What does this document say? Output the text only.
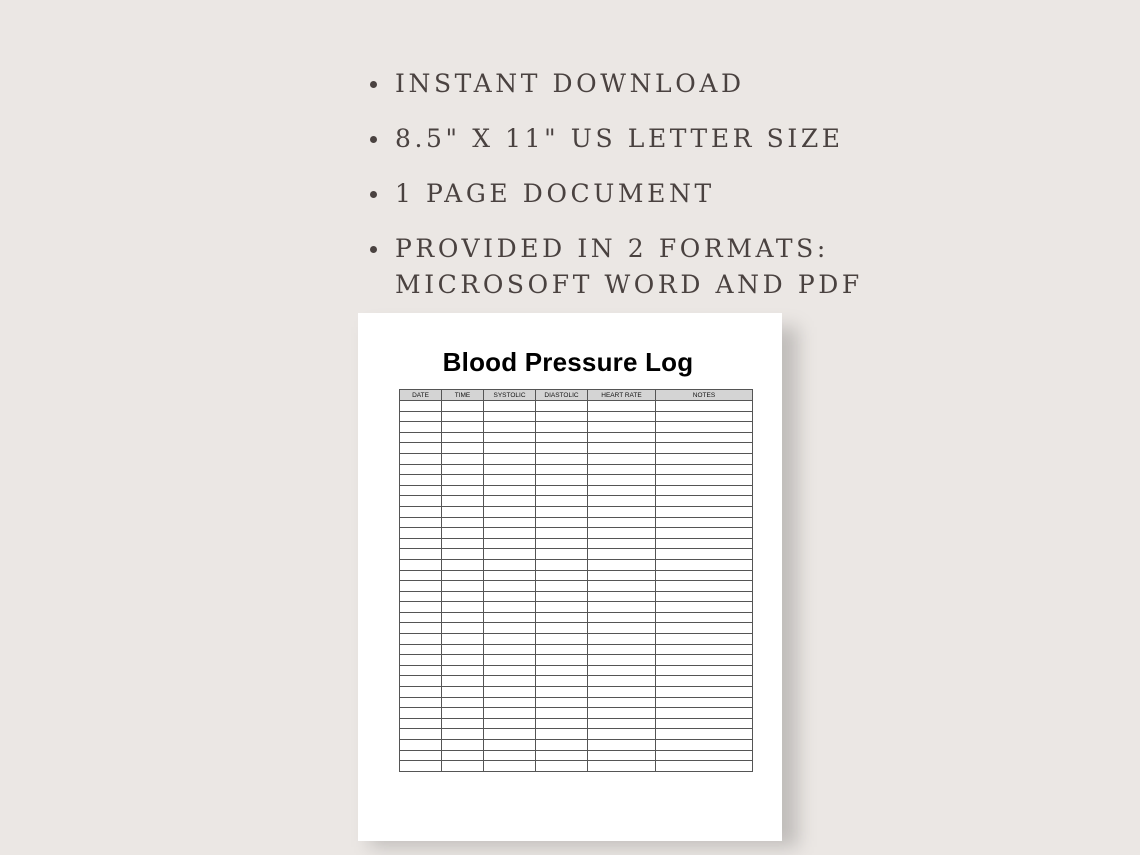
INSTANT DOWNLOAD
8.5" X 11" US LETTER SIZE
1 PAGE DOCUMENT
PROVIDED IN 2 FORMATS:
MICROSOFT WORD AND PDF
Blood Pressure Log
DATE	TIME	SYSTOLIC	DIASTOLIC	HEART RATE	NOTES
